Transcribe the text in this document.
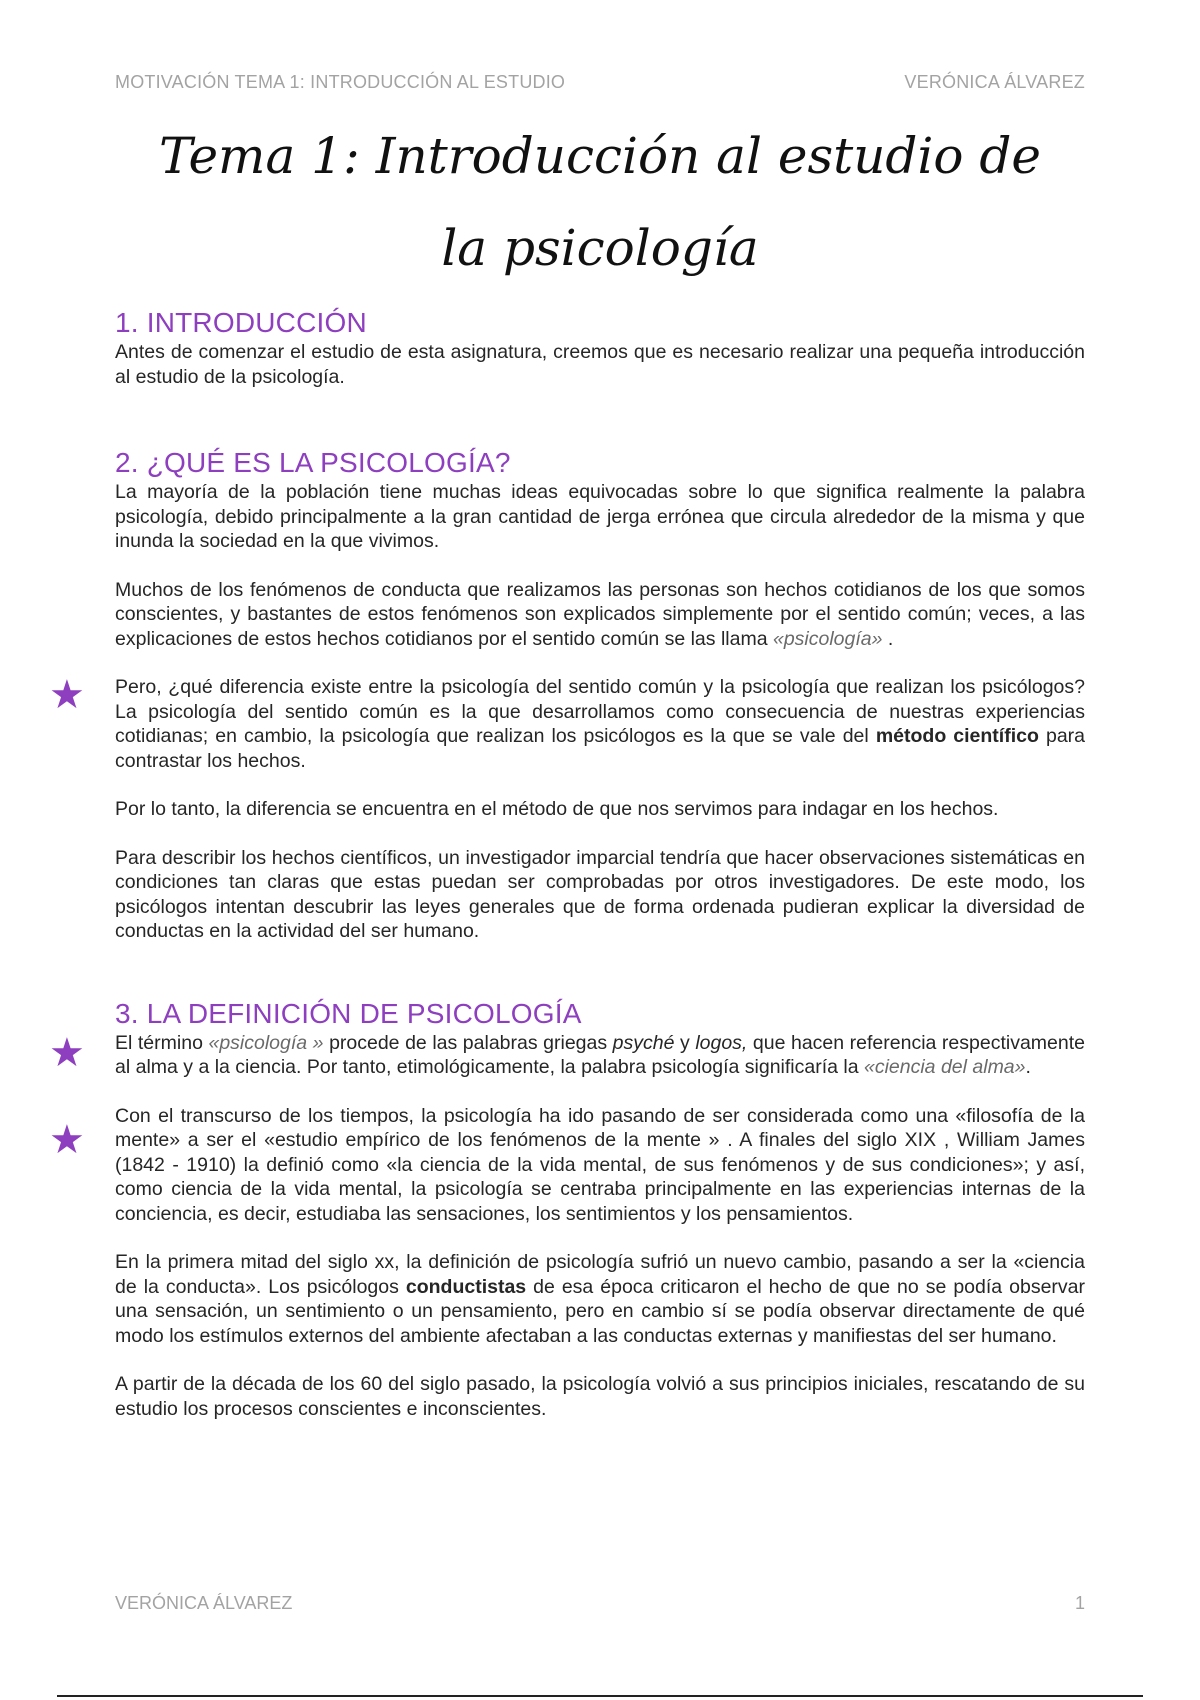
MOTIVACIÓN TEMA 1: INTRODUCCIÓN AL ESTUDIO	VERÓNICA ÁLVAREZ
Tema 1: Introducción al estudio de
la psicología
1. INTRODUCCIÓN

Antes de comenzar el estudio de esta asignatura, creemos que es necesario realizar una pequeña introducción al estudio de la psicología.

2. ¿QUÉ ES LA PSICOLOGÍA?

La mayoría de la población tiene muchas ideas equivocadas sobre lo que significa realmente la palabra psicología, debido principalmente a la gran cantidad de jerga errónea que circula alrededor de la misma y que inunda la sociedad en la que vivimos.

Muchos de los fenómenos de conducta que realizamos las personas son hechos cotidianos de los que somos conscientes, y bastantes de estos fenómenos son explicados simplemente por el sentido común; veces, a las explicaciones de estos hechos cotidianos por el sentido común se las llama «psicología» .

★ Pero, ¿qué diferencia existe entre la psicología del sentido común y la psicología que realizan los psicólogos? La psicología del sentido común es la que desarrollamos como consecuencia de nuestras experiencias cotidianas; en cambio, la psicología que realizan los psicólogos es la que se vale del método científico para contrastar los hechos.

Por lo tanto, la diferencia se encuentra en el método de que nos servimos para indagar en los hechos.

Para describir los hechos científicos, un investigador imparcial tendría que hacer observaciones sistemáticas en condiciones tan claras que estas puedan ser comprobadas por otros investigadores. De este modo, los psicólogos intentan descubrir las leyes generales que de forma ordenada pudieran explicar la diversidad de conductas en la actividad del ser humano.

3. LA DEFINICIÓN DE PSICOLOGÍA
★ El término «psicología » procede de las palabras griegas psyché y logos, que hacen referencia respectivamente al alma y a la ciencia. Por tanto, etimológicamente, la palabra psicología significaría la «ciencia del alma».

★

Con el transcurso de los tiempos, la psicología ha ido pasando de ser considerada como una «filosofía de la mente» a ser el «estudio empírico de los fenómenos de la mente » . A finales del siglo XIX , William James (1842 - 1910) la definió como «la ciencia de la vida mental, de sus fenómenos y de sus condiciones»; y así, como ciencia de la vida mental, la psicología se centraba principalmente en las experiencias internas de la conciencia, es decir, estudiaba las sensaciones, los sentimientos y los pensamientos.

En la primera mitad del siglo xx, la definición de psicología sufrió un nuevo cambio, pasando a ser la «ciencia de la conducta». Los psicólogos conductistas de esa época criticaron el hecho de que no se podía observar una sensación, un sentimiento o un pensamiento, pero en cambio sí se podía observar directamente de qué modo los estímulos externos del ambiente afectaban a las conductas externas y manifiestas del ser humano.

A partir de la década de los 60 del siglo pasado, la psicología volvió a sus principios iniciales, rescatando de su estudio los procesos conscientes e inconscientes.

VERÓNICA ÁLVAREZ	1
